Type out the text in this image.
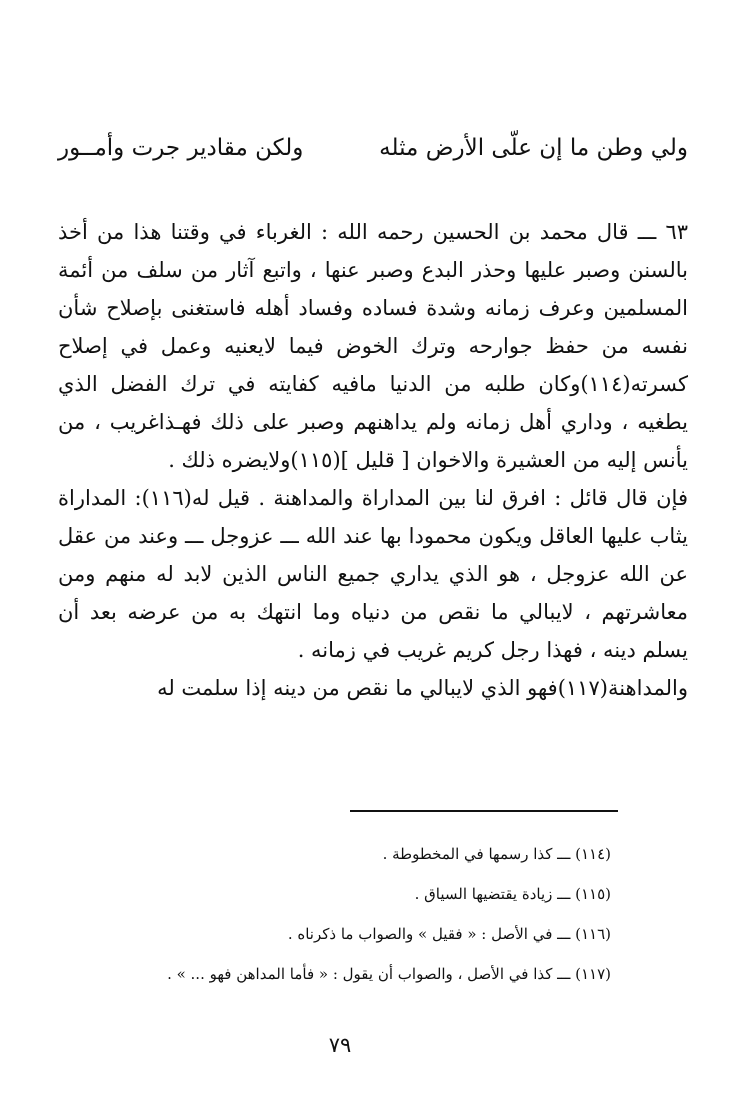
ولي وطن ما إن علّى الأرض مثله
ولكن مقادير جرت وأمــور

٦٣ ـــ قال محمد بن الحسين رحمه الله : الغرباء في وقتنا هذا من أخذ بالسنن وصبر عليها وحذر البدع وصبر عنها ، واتبع آثار من سلف من أئمة المسلمين وعرف زمانه وشدة فساده وفساد أهله فاستغنى بإصلاح شأن نفسه من حفظ جوارحه وترك الخوض فيما لايعنيه وعمل في إصلاح كسرته(١١٤)وكان طلبه من الدنيا مافيه كفايته في ترك الفضل الذي يطغيه ، وداري أهل زمانه ولم يداهنهم وصبر على ذلك فهـذاغريب ، من يأنس إليه من العشيرة والاخوان [ قليل ](١١٥)ولايضره ذلك .

فإن قال قائل : افرق لنا بين المداراة والمداهنة . قيل له(١١٦): المداراة يثاب عليها العاقل ويكون محمودا بها عند الله ـــ عزوجل ـــ وعند من عقل عن الله عزوجل ، هو الذي يداري جميع الناس الذين لابد له منهم ومن معاشرتهم ، لايبالي ما نقص من دنياه وما انتهك به من عرضه بعد أن يسلم دينه ، فهذا رجل كريم غريب في زمانه .

والمداهنة(١١٧)فهو الذي لايبالي ما نقص من دينه إذا سلمت له

(١١٤) ـــ كذا رسمها في المخطوطة .
(١١٥) ـــ زيادة يقتضيها السياق .
(١١٦) ـــ في الأصل : « فقيل » والصواب ما ذكرناه .
(١١٧) ـــ كذا في الأصل ، والصواب أن يقول : « فأما المداهن فهو ... » .
٧٩
